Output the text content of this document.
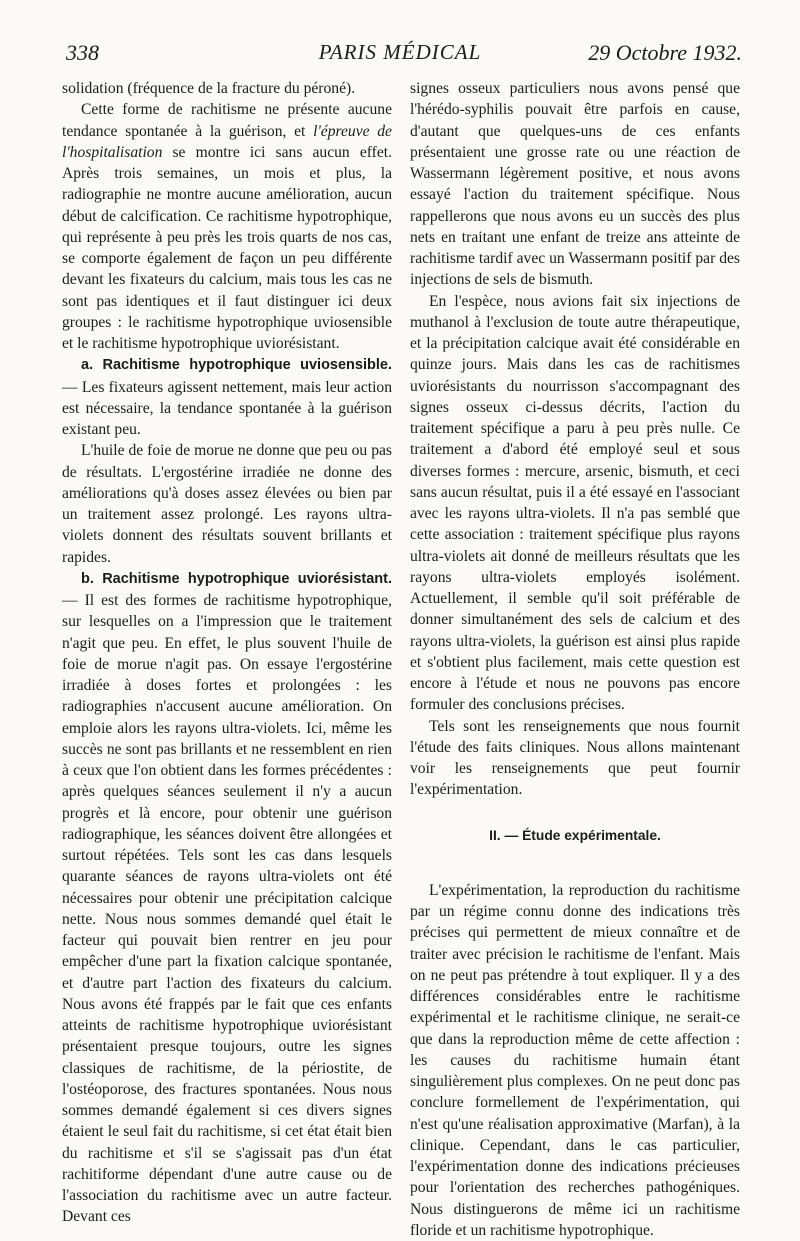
338	PARIS MÉDICAL	29 Octobre 1932.

solidation (fréquence de la fracture du péroné).

Cette forme de rachitisme ne présente aucune tendance spontanée à la guérison, et l'épreuve de l'hospitalisation se montre ici sans aucun effet. Après trois semaines, un mois et plus, la radiographie ne montre aucune amélioration, aucun début de calcification. Ce rachitisme hypotrophique, qui représente à peu près les trois quarts de nos cas, se comporte également de façon un peu différente devant les fixateurs du calcium, mais tous les cas ne sont pas identiques et il faut distinguer ici deux groupes : le rachitisme hypotrophique uviosensible et le rachitisme hypotrophique uviorésistant.

a. Rachitisme hypotrophique uviosensible. — Les fixateurs agissent nettement, mais leur action est nécessaire, la tendance spontanée à la guérison existant peu.

L'huile de foie de morue ne donne que peu ou pas de résultats. L'ergostérine irradiée ne donne des améliorations qu'à doses assez élevées ou bien par un traitement assez prolongé. Les rayons ultra-violets donnent des résultats souvent brillants et rapides.

b. Rachitisme hypotrophique uviorésistant. — Il est des formes de rachitisme hypotrophique, sur lesquelles on a l'impression que le traitement n'agit que peu. En effet, le plus souvent l'huile de foie de morue n'agit pas. On essaye l'ergostérine irradiée à doses fortes et prolongées : les radiographies n'accusent aucune amélioration. On emploie alors les rayons ultra-violets. Ici, même les succès ne sont pas brillants et ne ressemblent en rien à ceux que l'on obtient dans les formes précédentes : après quelques séances seulement il n'y a aucun progrès et là encore, pour obtenir une guérison radiographique, les séances doivent être allongées et surtout répétées. Tels sont les cas dans lesquels quarante séances de rayons ultra-violets ont été nécessaires pour obtenir une précipitation calcique nette. Nous nous sommes demandé quel était le facteur qui pouvait bien rentrer en jeu pour empêcher d'une part la fixation calcique spontanée, et d'autre part l'action des fixateurs du calcium. Nous avons été frappés par le fait que ces enfants atteints de rachitisme hypotrophique uviorésistant présentaient presque toujours, outre les signes classiques de rachitisme, de la périostite, de l'ostéoporose, des fractures spontanées. Nous nous sommes demandé également si ces divers signes étaient le seul fait du rachitisme, si cet état était bien du rachitisme et s'il se s'agissait pas d'un état rachitiforme dépendant d'une autre cause ou de l'association du rachitisme avec un autre facteur. Devant ces

signes osseux particuliers nous avons pensé que l'hérédo-syphilis pouvait être parfois en cause, d'autant que quelques-uns de ces enfants présentaient une grosse rate ou une réaction de Wassermann légèrement positive, et nous avons essayé l'action du traitement spécifique. Nous rappellerons que nous avons eu un succès des plus nets en traitant une enfant de treize ans atteinte de rachitisme tardif avec un Wassermann positif par des injections de sels de bismuth.

En l'espèce, nous avions fait six injections de muthanol à l'exclusion de toute autre thérapeutique, et la précipitation calcique avait été considérable en quinze jours. Mais dans les cas de rachitismes uviorésistants du nourrisson s'accompagnant des signes osseux ci-dessus décrits, l'action du traitement spécifique a paru à peu près nulle. Ce traitement a d'abord été employé seul et sous diverses formes : mercure, arsenic, bismuth, et ceci sans aucun résultat, puis il a été essayé en l'associant avec les rayons ultra-violets. Il n'a pas semblé que cette association : traitement spécifique plus rayons ultra-violets ait donné de meilleurs résultats que les rayons ultra-violets employés isolément. Actuellement, il semble qu'il soit préférable de donner simultanément des sels de calcium et des rayons ultra-violets, la guérison est ainsi plus rapide et s'obtient plus facilement, mais cette question est encore à l'étude et nous ne pouvons pas encore formuler des conclusions précises.

Tels sont les renseignements que nous fournit l'étude des faits cliniques. Nous allons maintenant voir les renseignements que peut fournir l'expérimentation.

II. — Étude expérimentale.

L'expérimentation, la reproduction du rachitisme par un régime connu donne des indications très précises qui permettent de mieux connaître et de traiter avec précision le rachitisme de l'enfant. Mais on ne peut pas prétendre à tout expliquer. Il y a des différences considérables entre le rachitisme expérimental et le rachitisme clinique, ne serait-ce que dans la reproduction même de cette affection : les causes du rachitisme humain étant singulièrement plus complexes. On ne peut donc pas conclure formellement de l'expérimentation, qui n'est qu'une réalisation approximative (Marfan), à la clinique. Cependant, dans le cas particulier, l'expérimentation donne des indications précieuses pour l'orientation des recherches pathogéniques. Nous distinguerons de même ici un rachitisme floride et un rachitisme hypotrophique.
